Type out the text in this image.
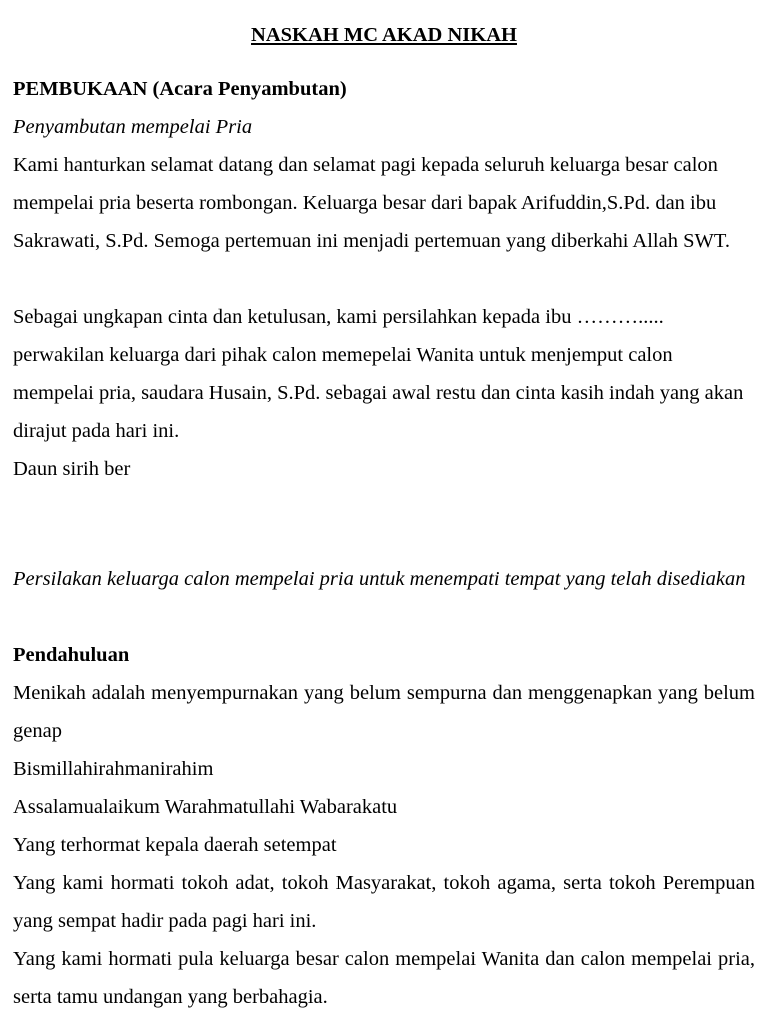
NASKAH MC AKAD NIKAH

PEMBUKAAN (Acara Penyambutan)

Penyambutan mempelai Pria

Kami hanturkan selamat datang dan selamat pagi kepada seluruh keluarga besar calon mempelai pria beserta rombongan. Keluarga besar dari bapak Arifuddin,S.Pd. dan ibu Sakrawati, S.Pd. Semoga pertemuan ini menjadi pertemuan yang diberkahi Allah SWT.

Sebagai ungkapan cinta dan ketulusan, kami persilahkan kepada ibu ………..... perwakilan keluarga dari pihak calon memepelai Wanita untuk menjemput calon mempelai pria, saudara Husain, S.Pd. sebagai awal restu dan cinta kasih indah yang akan dirajut pada hari ini.

Daun sirih ber

Persilakan keluarga calon mempelai pria untuk menempati tempat yang telah disediakan

Pendahuluan

Menikah adalah menyempurnakan yang belum sempurna dan menggenapkan yang belum genap

Bismillahirahmanirahim

Assalamualaikum Warahmatullahi Wabarakatu

Yang terhormat kepala daerah setempat

Yang kami hormati tokoh adat, tokoh Masyarakat, tokoh agama, serta tokoh Perempuan yang sempat hadir pada pagi hari ini.

Yang kami hormati pula keluarga besar calon mempelai Wanita dan calon mempelai pria, serta tamu undangan yang berbahagia.
